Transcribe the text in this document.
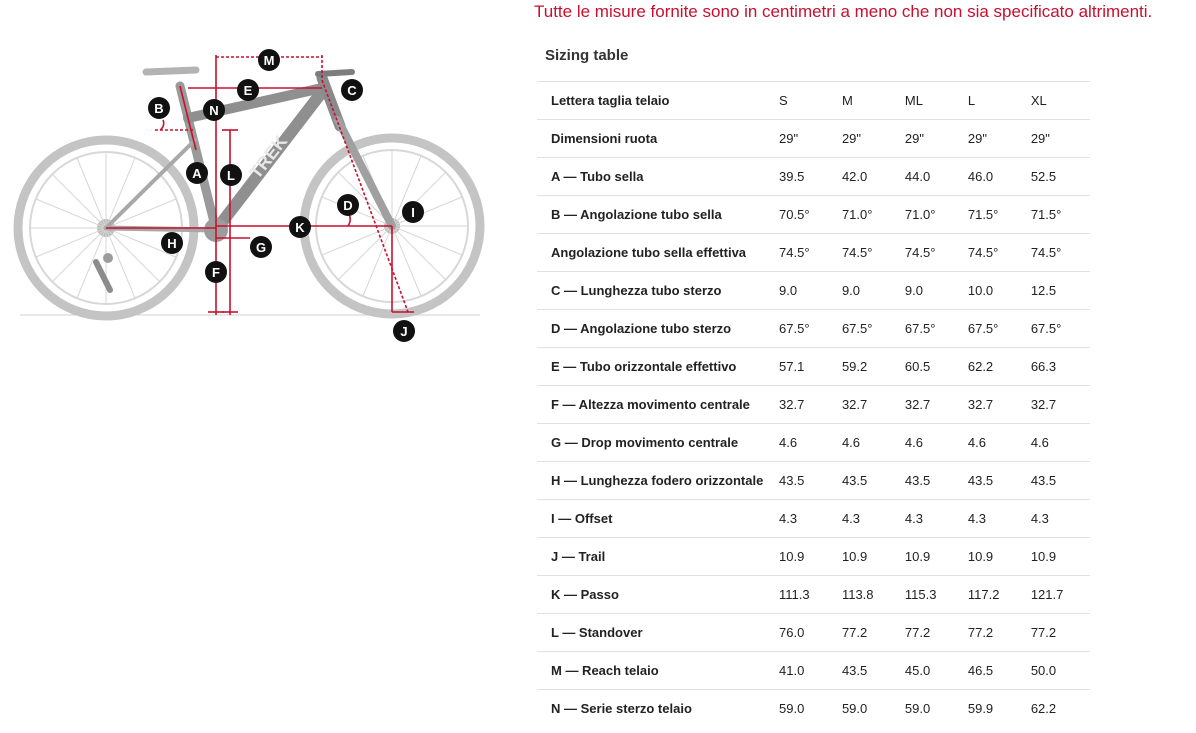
Tutte le misure fornite sono in centimetri a meno che non sia specificato altrimenti.
TREK
M
E	C
B	N
A L
D	I
K
H	G
F
J
Sizing table
Lettera taglia telaio	S	M	ML	L	XL
Dimensioni ruota	29"	29"	29"	29"	29"
A — Tubo sella	39.5	42.0	44.0	46.0	52.5
B — Angolazione tubo sella	70.5°	71.0°	71.0°	71.5°	71.5°
Angolazione tubo sella effettiva	74.5°	74.5°	74.5°	74.5°	74.5°
C — Lunghezza tubo sterzo	9.0	9.0	9.0	10.0	12.5
D — Angolazione tubo sterzo	67.5°	67.5°	67.5°	67.5°	67.5°
E — Tubo orizzontale effettivo	57.1	59.2	60.5	62.2	66.3
F — Altezza movimento centrale	32.7	32.7	32.7	32.7	32.7
G — Drop movimento centrale	4.6	4.6	4.6	4.6	4.6
H — Lunghezza fodero orizzontale	43.5	43.5	43.5	43.5	43.5
I — Offset	4.3	4.3	4.3	4.3	4.3
J — Trail	10.9	10.9	10.9	10.9	10.9
K — Passo	111.3	113.8	115.3	117.2	121.7
L — Standover	76.0	77.2	77.2	77.2	77.2
M — Reach telaio	41.0	43.5	45.0	46.5	50.0
N — Serie sterzo telaio	59.0	59.0	59.0	59.9	62.2
